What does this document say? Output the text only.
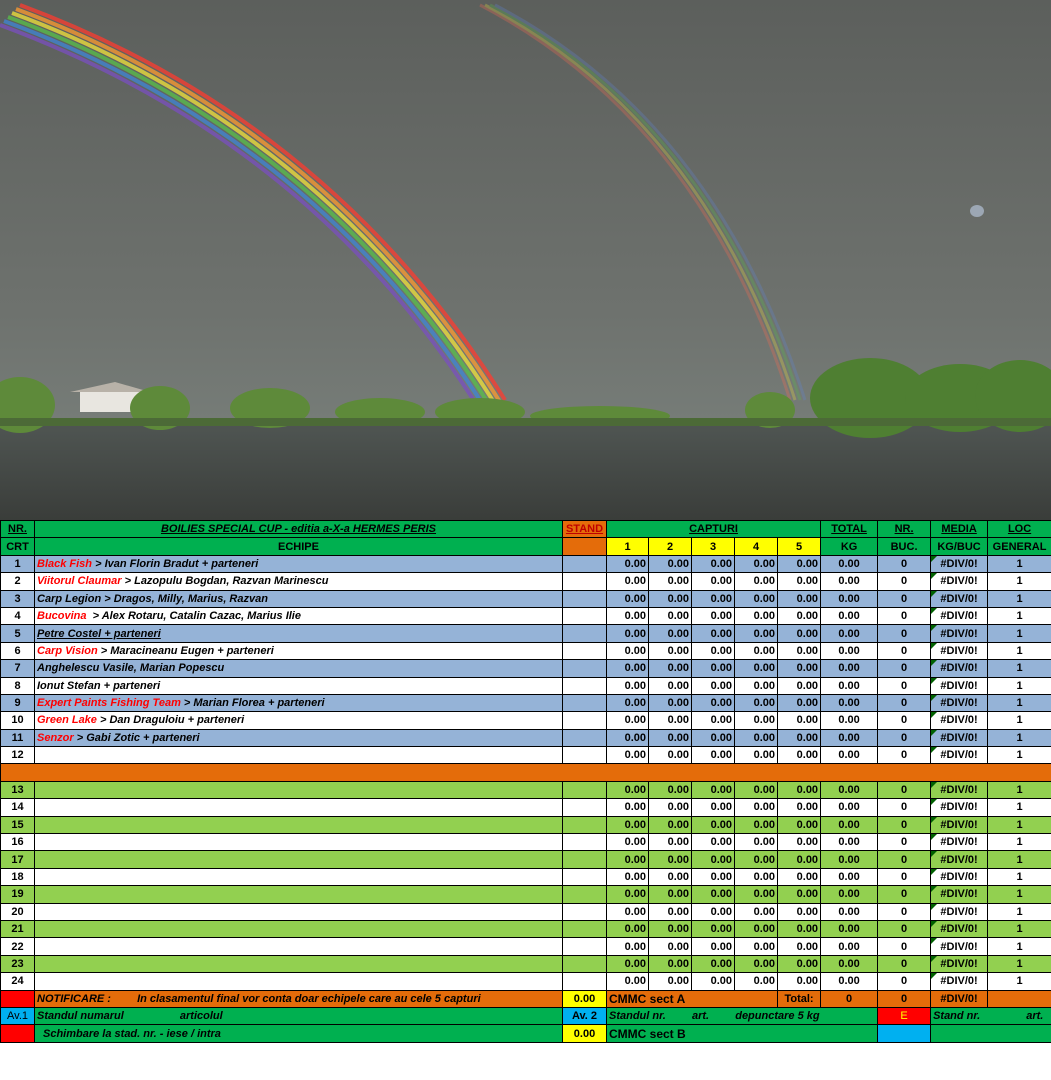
NR.	BOILIES SPECIAL CUP - editia a-X-a HERMES PERIS	STAND	CAPTURI					TOTAL	NR.	MEDIA	LOC
CRT	ECHIPE		1	2	3	4	5	KG	BUC.	KG/BUC	GENERAL
1	Black Fish > Ivan Florin Bradut + parteneri		0.00	0.00	0.00	0.00	0.00	0.00	0	#DIV/0!	1
2	Viitorul Claumar > Lazopulu Bogdan, Razvan Marinescu		0.00	0.00	0.00	0.00	0.00	0.00	0	#DIV/0!	1
3	Carp Legion > Dragos, Milly, Marius, Razvan		0.00	0.00	0.00	0.00	0.00	0.00	0	#DIV/0!	1
4	Bucovina  > Alex Rotaru, Catalin Cazac, Marius Ilie		0.00	0.00	0.00	0.00	0.00	0.00	0	#DIV/0!	1
5	Petre Costel + parteneri		0.00	0.00	0.00	0.00	0.00	0.00	0	#DIV/0!	1
6	Carp Vision > Maracineanu Eugen + parteneri		0.00	0.00	0.00	0.00	0.00	0.00	0	#DIV/0!	1
7	Anghelescu Vasile, Marian Popescu		0.00	0.00	0.00	0.00	0.00	0.00	0	#DIV/0!	1
8	Ionut Stefan + parteneri		0.00	0.00	0.00	0.00	0.00	0.00	0	#DIV/0!	1
9	Expert Paints Fishing Team > Marian Florea + parteneri		0.00	0.00	0.00	0.00	0.00	0.00	0	#DIV/0!	1
10	Green Lake > Dan Draguloiu + parteneri		0.00	0.00	0.00	0.00	0.00	0.00	0	#DIV/0!	1
11	Senzor > Gabi Zotic + parteneri		0.00	0.00	0.00	0.00	0.00	0.00	0	#DIV/0!	1
12			0.00	0.00	0.00	0.00	0.00	0.00	0	#DIV/0!	1

13			0.00	0.00	0.00	0.00	0.00	0.00	0	#DIV/0!	1
14			0.00	0.00	0.00	0.00	0.00	0.00	0	#DIV/0!	1
15			0.00	0.00	0.00	0.00	0.00	0.00	0	#DIV/0!	1
16			0.00	0.00	0.00	0.00	0.00	0.00	0	#DIV/0!	1
17			0.00	0.00	0.00	0.00	0.00	0.00	0	#DIV/0!	1
18			0.00	0.00	0.00	0.00	0.00	0.00	0	#DIV/0!	1
19			0.00	0.00	0.00	0.00	0.00	0.00	0	#DIV/0!	1
20			0.00	0.00	0.00	0.00	0.00	0.00	0	#DIV/0!	1
21			0.00	0.00	0.00	0.00	0.00	0.00	0	#DIV/0!	1
22			0.00	0.00	0.00	0.00	0.00	0.00	0	#DIV/0!	1
23			0.00	0.00	0.00	0.00	0.00	0.00	0	#DIV/0!	1
24			0.00	0.00	0.00	0.00	0.00	0.00	0	#DIV/0!	1
	NOTIFICARE : In clasamentul final vor conta doar echipele care au cele 5 capturi	0.00	CMMC sect A				Total:	0	0	#DIV/0!	
Av.1	Standul numarul articolul	Av. 2	Standul nr. art. depunctare 5 kg						E	Stand nr. art.	
	Schimbare la stad. nr. - iese / intra	0.00	CMMC sect B								
